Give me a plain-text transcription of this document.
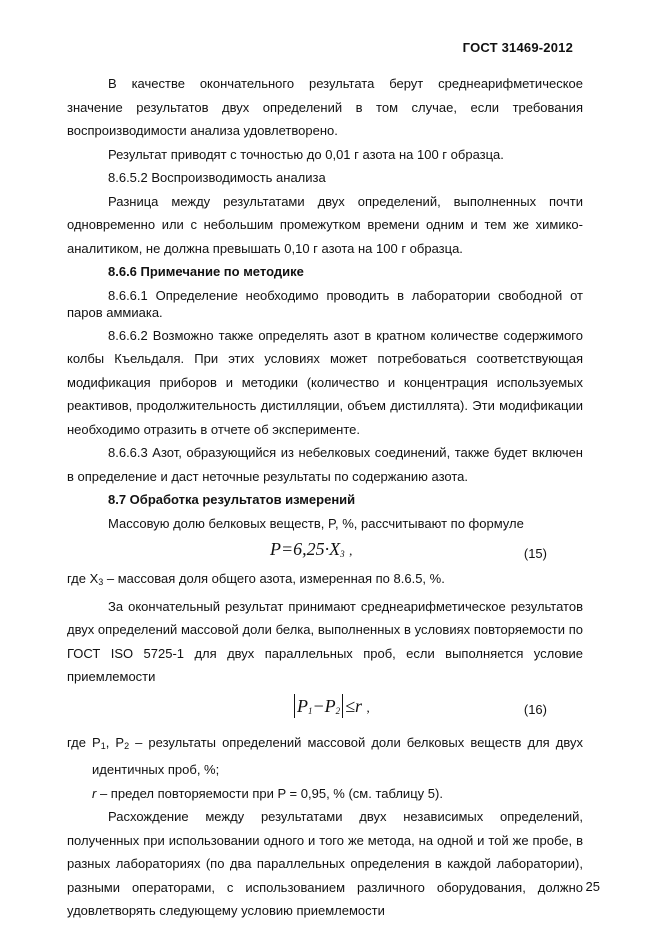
ГОСТ 31469-2012

В качестве окончательного результата берут среднеарифметическое значение результатов двух определений в том случае, если требования воспроизводимости анализа удовлетворено.

Результат приводят с точностью до 0,01 г азота на 100 г образца.

8.6.5.2 Воспроизводимость анализа

Разница между результатами двух определений, выполненных почти одновременно или с небольшим промежутком времени одним и тем же химико-аналитиком, не должна превышать 0,10 г азота на 100 г образца.

8.6.6 Примечание по методике

8.6.6.1 Определение необходимо проводить в лаборатории свободной от паров аммиака.

8.6.6.2 Возможно также определять азот в кратном количестве содержимого колбы Къельдаля. При этих условиях может потребоваться соответствующая модификация приборов и методики (количество и концентрация используемых реактивов, продолжительность дистилляции, объем дистиллята). Эти модификации необходимо отразить в отчете об эксперименте.

8.6.6.3 Азот, образующийся из небелковых соединений, также будет включен в определение и даст неточные результаты по содержанию азота.

8.7 Обработка результатов измерений

Массовую долю белковых веществ, P, %, рассчитывают по формуле

$P=6,25\cdot X_3$ ,	(15)

где $X_3$ – массовая доля общего азота, измеренная по 8.6.5, %.

За окончательный результат принимают среднеарифметическое результатов двух определений массовой доли белка, выполненных в условиях повторяемости по ГОСТ ISO 5725-1 для двух параллельных проб, если выполняется условие приемлемости

$P_1-P_2 \le r$ ,	(16)

где $P_1$, $P_2$ – результаты определений массовой доли белковых веществ для двух идентичных проб, %;

r – предел повторяемости при P = 0,95, % (см. таблицу 5).

Расхождение между результатами двух независимых определений, полученных при использовании одного и того же метода, на одной и той же пробе, в разных лабораториях (по два параллельных определения в каждой лаборатории), разными операторами, с использованием различного оборудования, должно удовлетворять следующему условию приемлемости

25
